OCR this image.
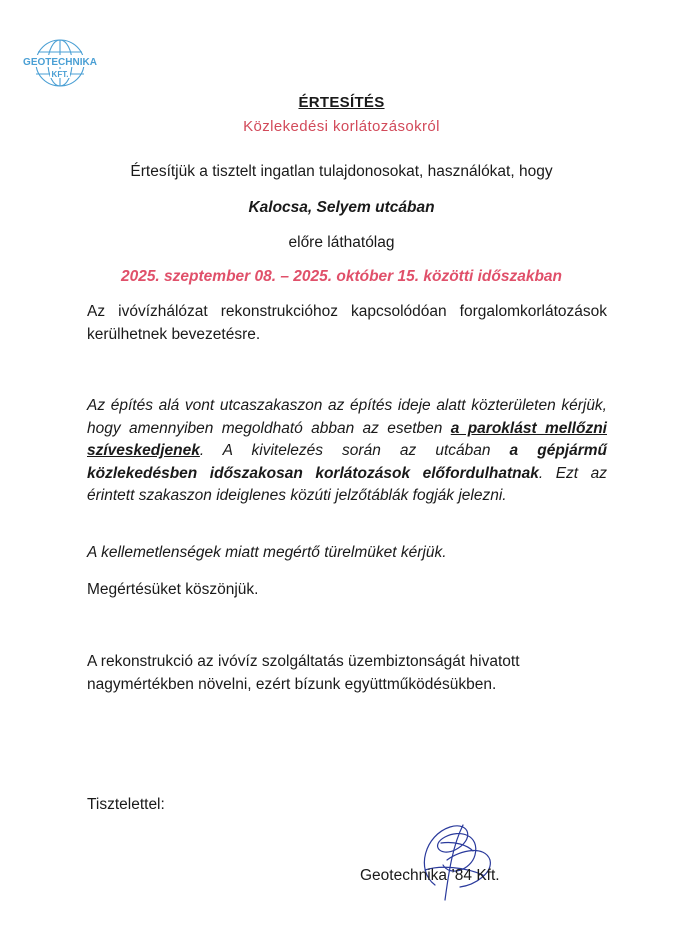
GEOTECHNIKA
KFT.
ÉRTESÍTÉS
Közlekedési korlátozásokról
Értesítjük a tisztelt ingatlan tulajdonosokat, használókat, hogy
Kalocsa, Selyem utcában
előre láthatólag
2025. szeptember 08. – 2025. október 15. közötti időszakban
Az ivóvízhálózat rekonstrukcióhoz kapcsolódóan forgalomkorlátozások kerülhetnek bevezetésre.
Az építés alá vont utcaszakaszon az építés ideje alatt közterületen kérjük, hogy amennyiben megoldható abban az esetben a paroklást mellőzni szíveskedjenek. A kivitelezés során az utcában a gépjármű közlekedésben időszakosan korlátozások előfordulhatnak. Ezt az érintett szakaszon ideiglenes közúti jelzőtáblák fogják jelezni.
A kellemetlenségek miatt megértő türelmüket kérjük.
Megértésüket köszönjük.
A rekonstrukció az ivóvíz szolgáltatás üzembiztonságát hivatott nagymértékben növelni, ezért bízunk együttműködésükben.
Tisztelettel:
Geotechnika ’84 Kft.
